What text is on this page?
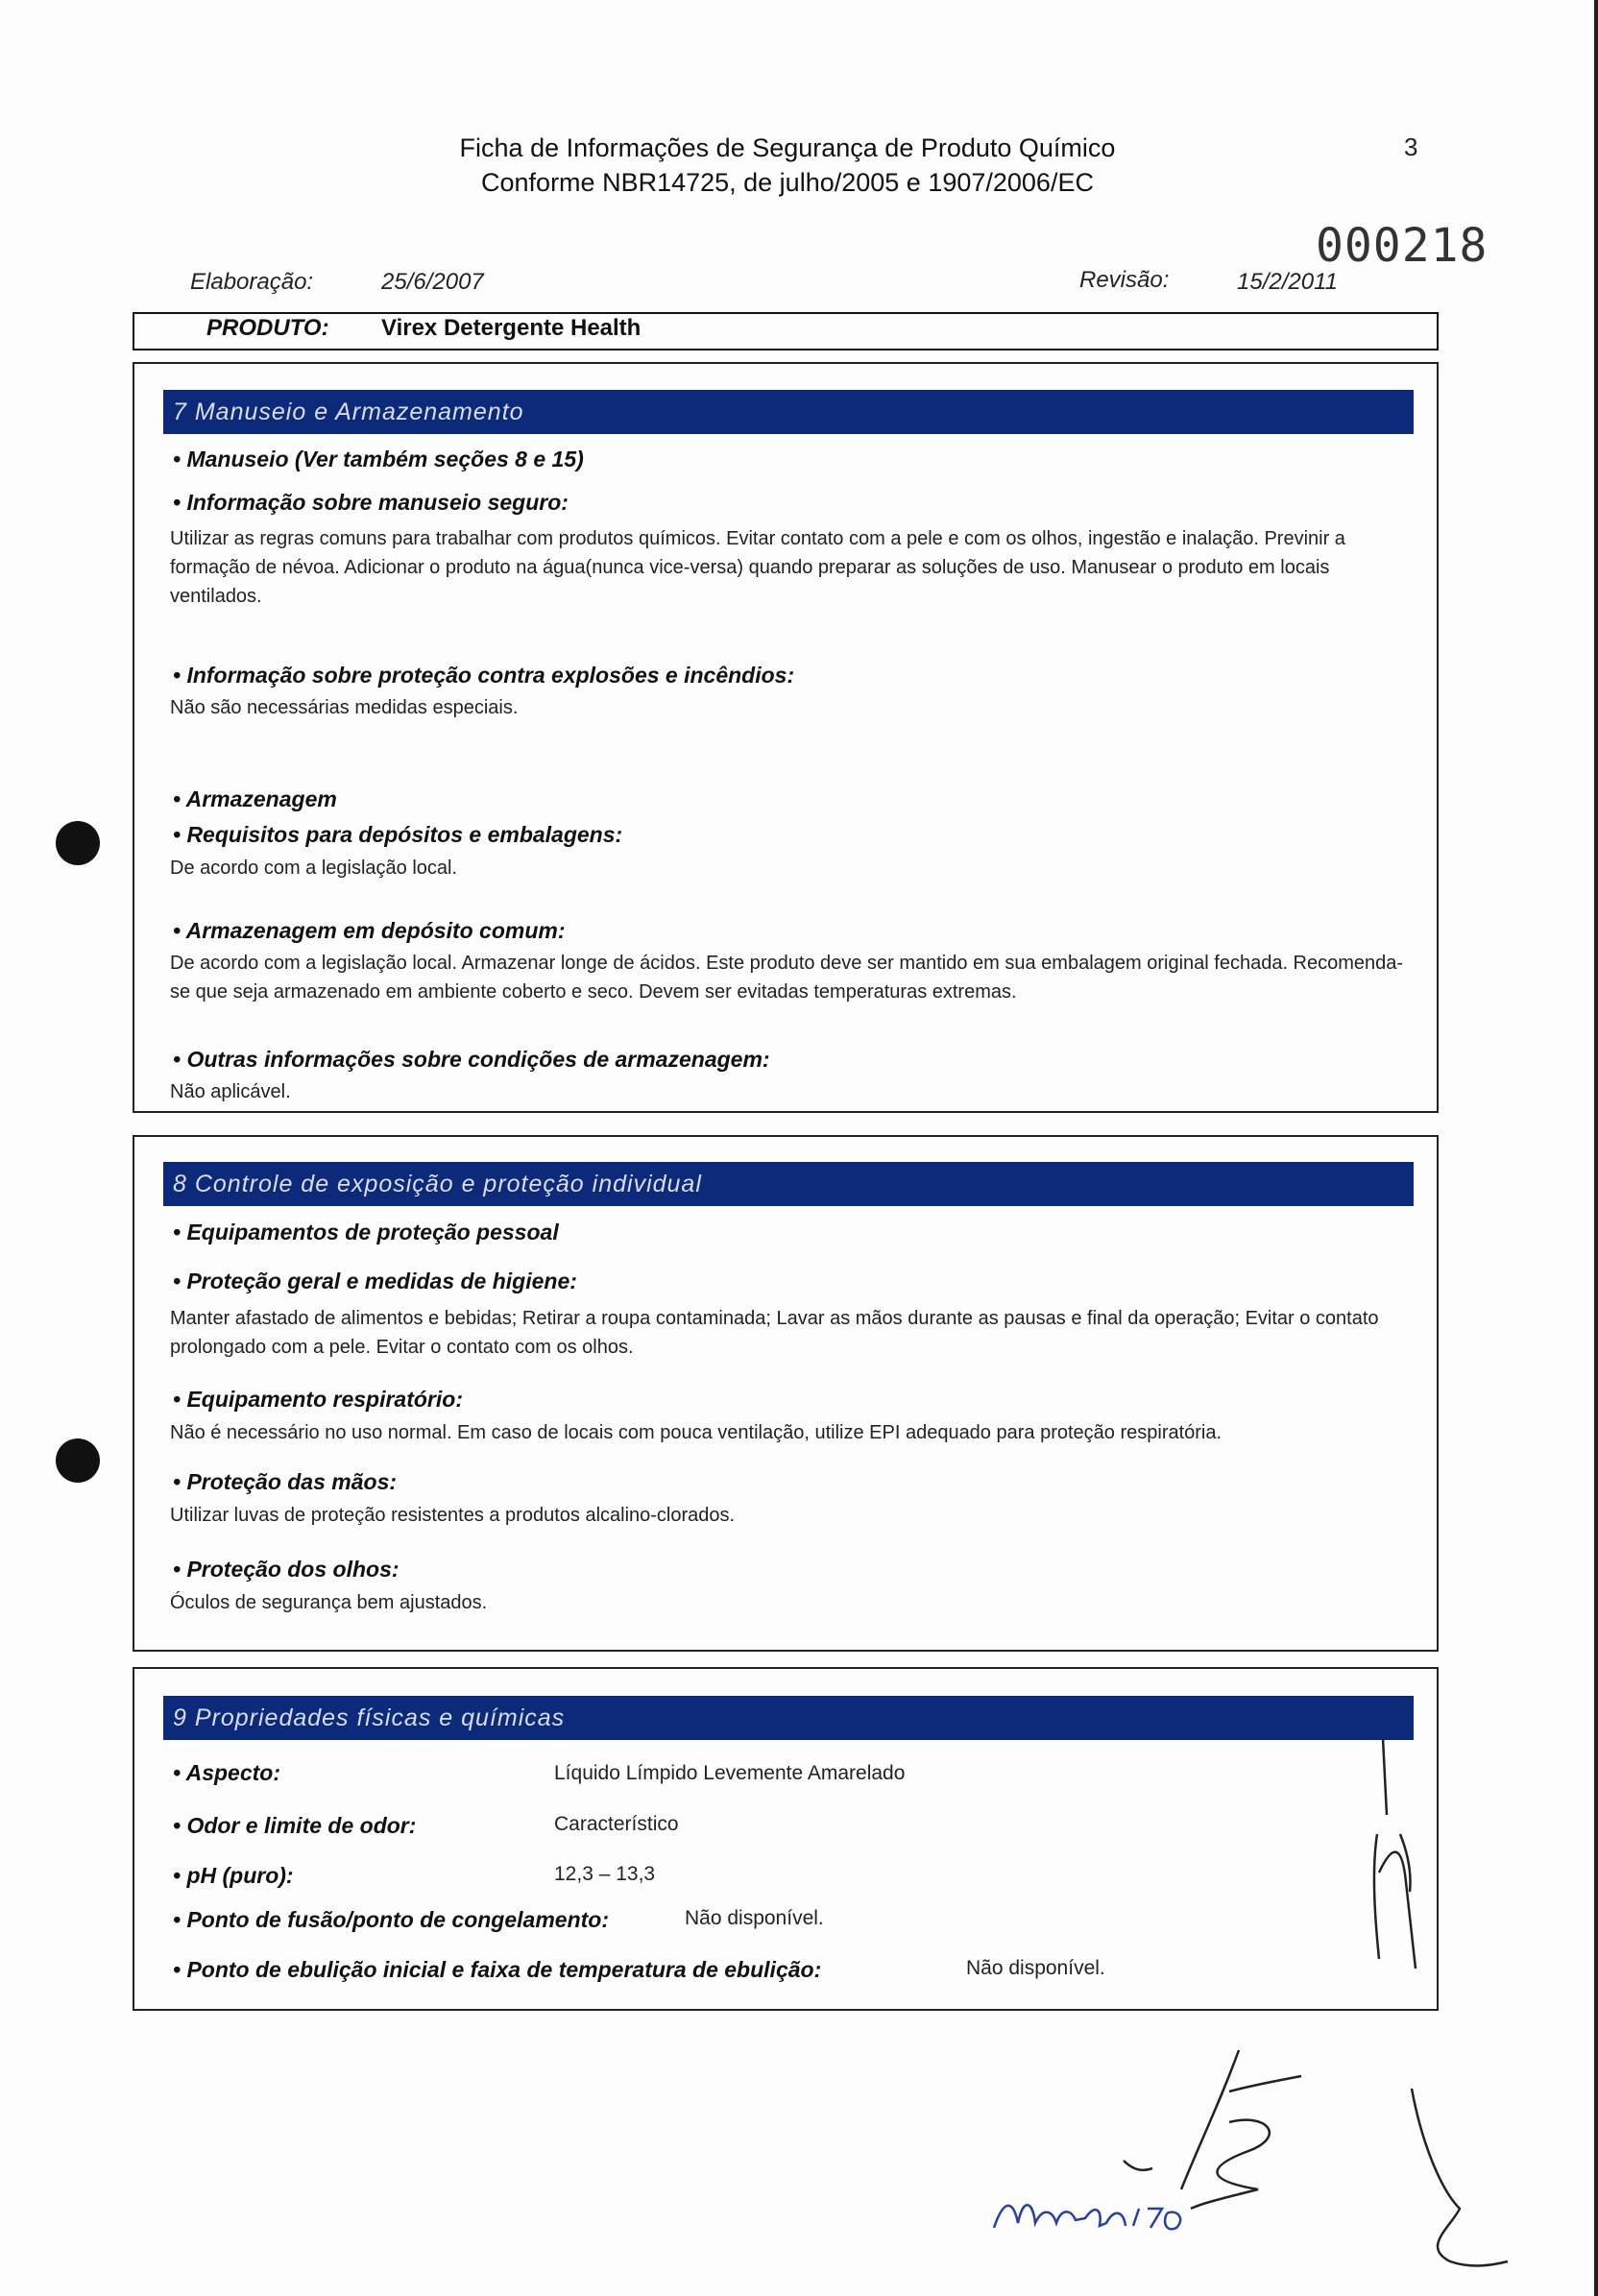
Ficha de Informações de Segurança de Produto Químico
Conforme NBR14725, de julho/2005 e 1907/2006/EC
3
000218
Elaboração:	25/6/2007	Revisão:	15/2/2011
PRODUTO: Virex Detergente Health
7 Manuseio e Armazenamento
• Manuseio (Ver também seções 8 e 15)
• Informação sobre manuseio seguro:
Utilizar as regras comuns para trabalhar com produtos químicos. Evitar contato com a pele e com os olhos, ingestão e inalação. Previnir a formação de névoa. Adicionar o produto na água(nunca vice-versa) quando preparar as soluções de uso. Manusear o produto em locais ventilados.
• Informação sobre proteção contra explosões e incêndios:
Não são necessárias medidas especiais.
• Armazenagem
• Requisitos para depósitos e embalagens:
De acordo com a legislação local.
• Armazenagem em depósito comum:
De acordo com a legislação local. Armazenar longe de ácidos. Este produto deve ser mantido em sua embalagem original fechada. Recomenda-se que seja armazenado em ambiente coberto e seco. Devem ser evitadas temperaturas extremas.
• Outras informações sobre condições de armazenagem:
Não aplicável.
8 Controle de exposição e proteção individual
• Equipamentos de proteção pessoal
• Proteção geral e medidas de higiene:
Manter afastado de alimentos e bebidas; Retirar a roupa contaminada; Lavar as mãos durante as pausas e final da operação; Evitar o contato prolongado com a pele. Evitar o contato com os olhos.
• Equipamento respiratório:
Não é necessário no uso normal. Em caso de locais com pouca ventilação, utilize EPI adequado para proteção respiratória.
• Proteção das mãos:
Utilizar luvas de proteção resistentes a produtos alcalino-clorados.
• Proteção dos olhos:
Óculos de segurança bem ajustados.
9 Propriedades físicas e químicas
• Aspecto:	Líquido Límpido Levemente Amarelado
• Odor e limite de odor:	Característico
• pH (puro):	12,3 – 13,3
• Ponto de fusão/ponto de congelamento:	Não disponível.
• Ponto de ebulição inicial e faixa de temperatura de ebulição:	Não disponível.
